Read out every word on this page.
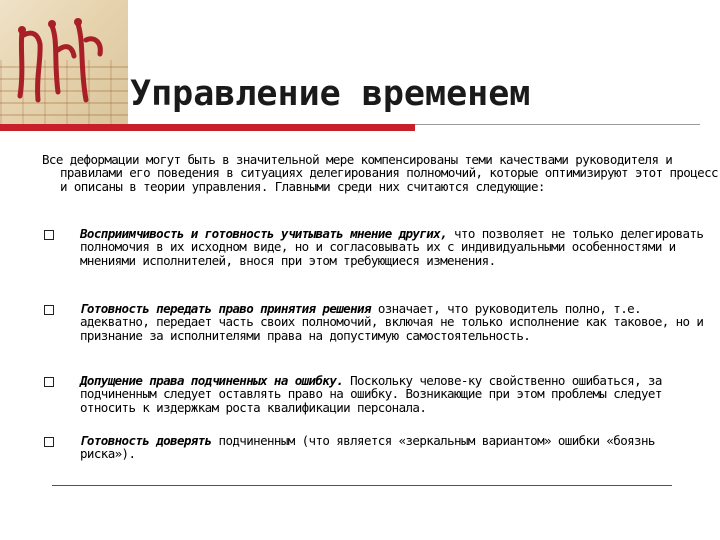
Управление временем

Все деформации могут быть в значительной мере компенсированы теми качествами руководителя и правилами его поведения в ситуациях делегирования полномочий, которые оптимизируют этот процесс и описаны в теории управления. Главными среди них считаются следующие:

Восприимчивость и готовность учитывать мнение других, что позволяет не только делегировать полномочия в их исходном виде, но и согласовывать их с индивидуальными особенностями и мнениями исполнителей, внося при этом требующиеся изменения.

Готовность передать право принятия решения означает, что руководитель полно, т.е. адекватно, передает часть своих полномочий, включая не только исполнение как таковое, но и признание за исполнителями права на допустимую самостоятельность.

Допущение права подчиненных на ошибку. Поскольку челове-ку свойственно ошибаться, за подчиненным следует оставлять право на ошибку. Возникающие при этом проблемы следует относить к издержкам роста квалификации персонала.

Готовность доверять подчиненным (что является «зеркальным вариантом» ошибки «боязнь риска»).
